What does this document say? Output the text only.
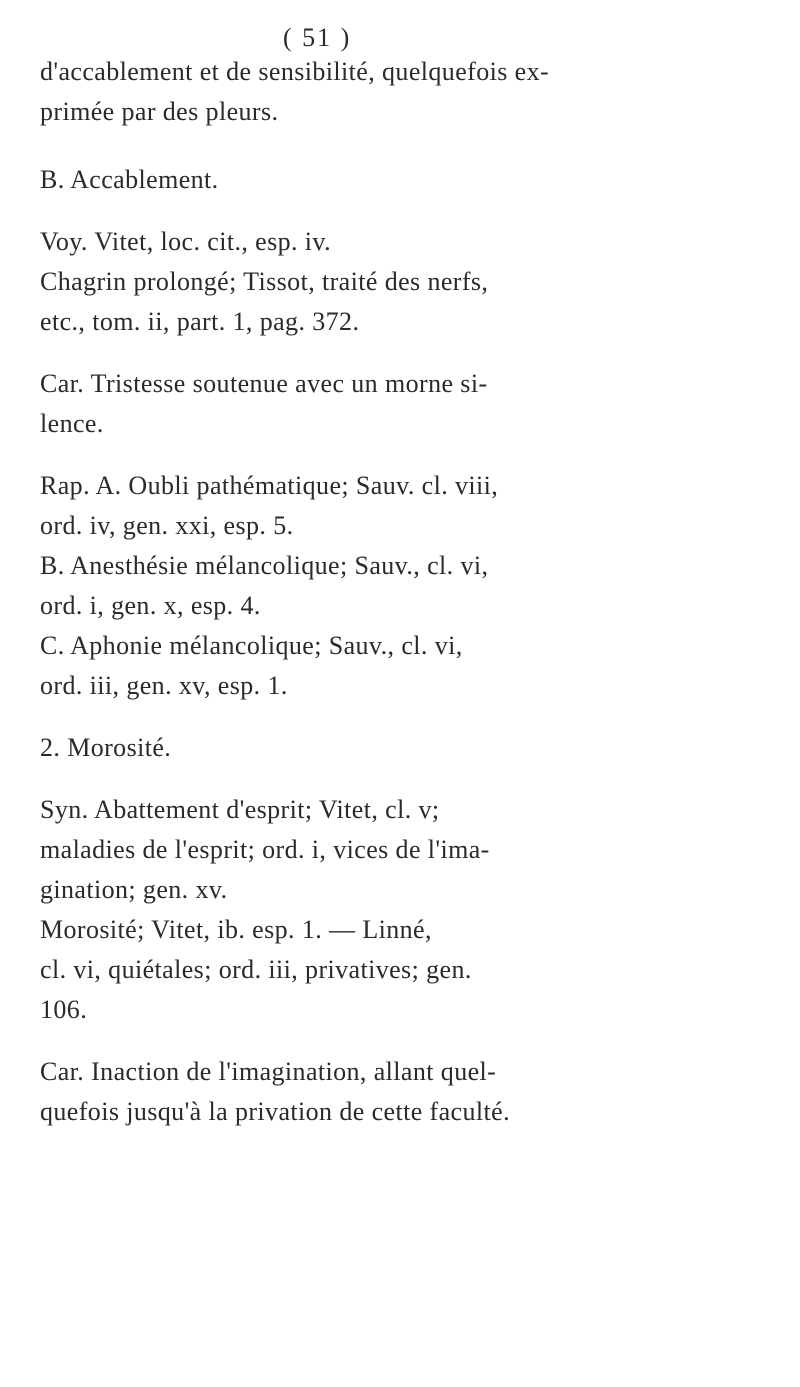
( 51 )
d'accablement et de sensibilité, quelquefois ex-
primée par des pleurs.
B. Accablement.
Voy. Vitet, loc. cit., esp. iv.
Chagrin prolongé; Tissot, traité des nerfs,
etc., tom. ii, part. 1, pag. 372.
Car. Tristesse soutenue avec un morne si-
lence.
Rap. A. Oubli pathématique; Sauv. cl. viii,
ord. iv, gen. xxi, esp. 5.
B. Anesthésie mélancolique; Sauv., cl. vi,
ord. i, gen. x, esp. 4.
C. Aphonie mélancolique; Sauv., cl. vi,
ord. iii, gen. xv, esp. 1.
2. Morosité.
Syn. Abattement d'esprit; Vitet, cl. v;
maladies de l'esprit; ord. i, vices de l'ima-
gination; gen. xv.
Morosité; Vitet, ib. esp. 1. — Linné,
cl. vi, quiétales; ord. iii, privatives; gen.
106.
Car. Inaction de l'imagination, allant quel-
quefois jusqu'à la privation de cette faculté.
